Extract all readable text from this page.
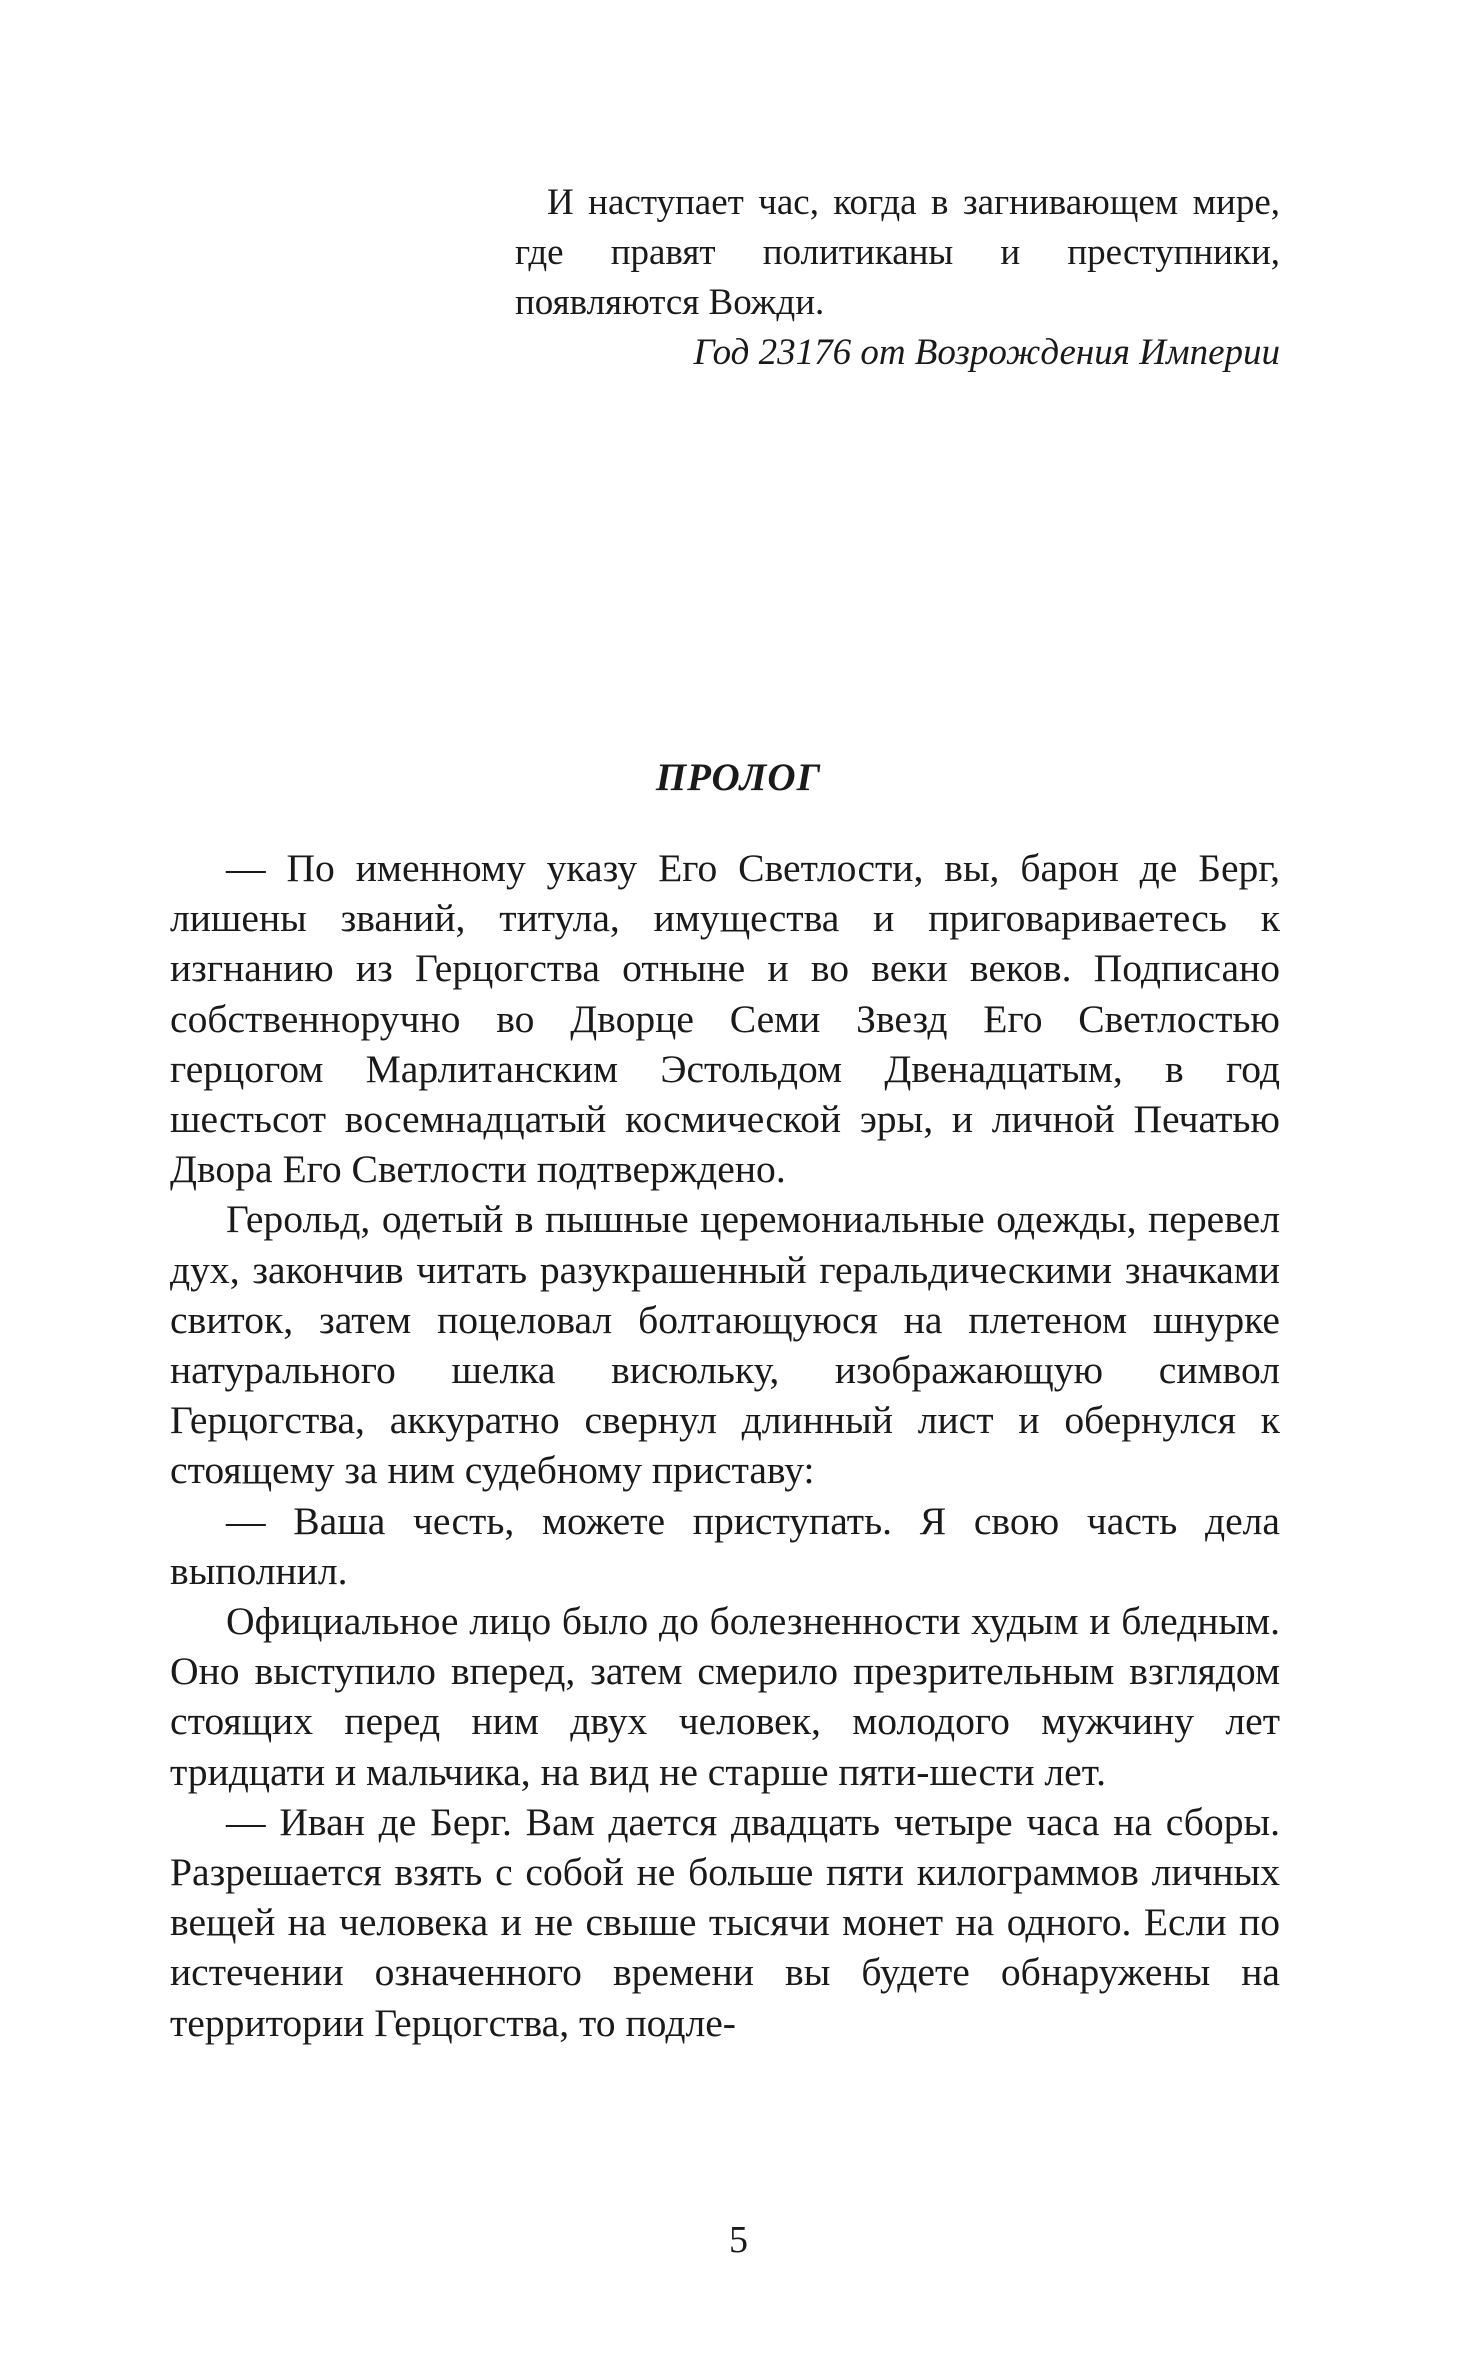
И наступает час, когда в загнивающем мире, где правят политиканы и преступники, появляются Вожди.

Год 23176 от Возрождения Империи

ПРОЛОГ

— По именному указу Его Светлости, вы, барон де Берг, лишены званий, титула, имущества и приговариваетесь к изгнанию из Герцогства отныне и во веки веков. Подписано собственноручно во Дворце Семи Звезд Его Светлостью герцогом Марлитанским Эстольдом Двенадцатым, в год шестьсот восемнадцатый космической эры, и личной Печатью Двора Его Светлости подтверждено.

Герольд, одетый в пышные церемониальные одежды, перевел дух, закончив читать разукрашенный геральдическими значками свиток, затем поцеловал болтающуюся на плетеном шнурке натурального шелка висюльку, изображающую символ Герцогства, аккуратно свернул длинный лист и обернулся к стоящему за ним судебному приставу:

— Ваша честь, можете приступать. Я свою часть дела выполнил.

Официальное лицо было до болезненности худым и бледным. Оно выступило вперед, затем смерило презрительным взглядом стоящих перед ним двух человек, молодого мужчину лет тридцати и мальчика, на вид не старше пяти-шести лет.

— Иван де Берг. Вам дается двадцать четыре часа на сборы. Разрешается взять с собой не больше пяти килограммов личных вещей на человека и не свыше тысячи монет на одного. Если по истечении означенного времени вы будете обнаружены на территории Герцогства, то подле-

5
